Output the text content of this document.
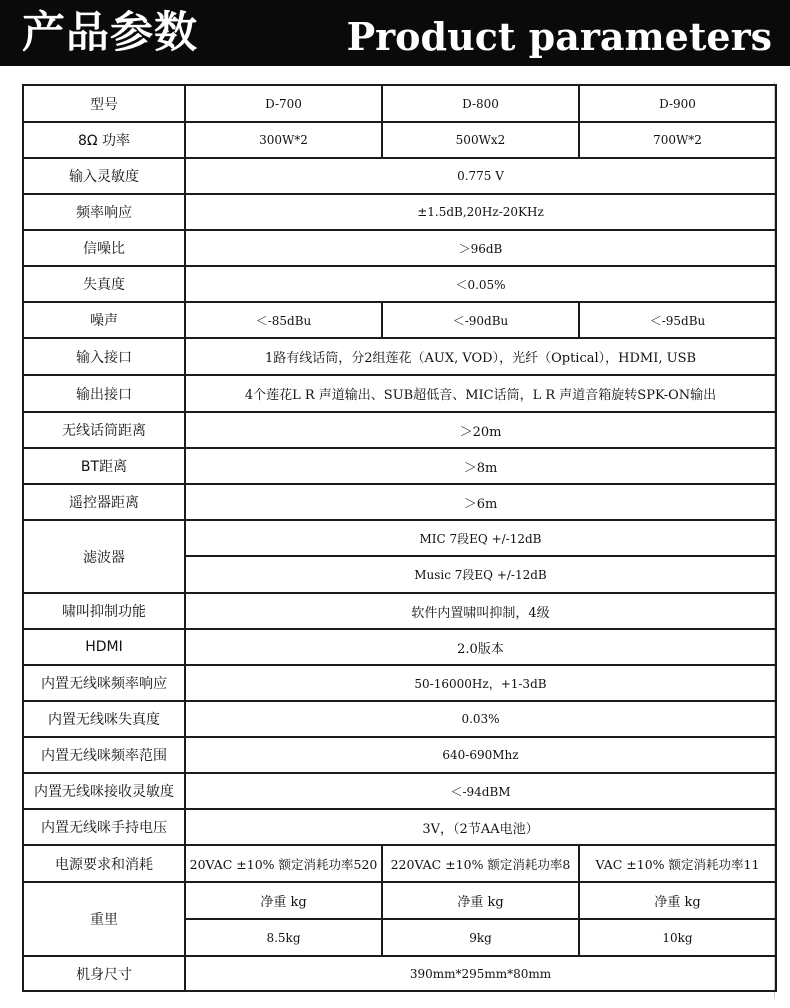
产品参数	Product parameters
型号	D-700	D-800	D-900
8Ω 功率	300W*2	500Wx2	700W*2
输入灵敏度	0.775 V		
频率响应	±1.5dB,20Hz-20KHz		
信噪比	＞96dB		
失真度	＜0.05%		
噪声	＜-85dBu	＜-90dBu	＜-95dBu
输入接口	1路有线话筒，分2组莲花（AUX, VOD），光纤（Optical），HDMI, USB		
输出接口	4个莲花L R 声道输出、SUB超低音、MIC话筒，L R 声道音箱旋转SPK-ON输出		
无线话筒距离	＞20m		
BT距离	＞8m		
遥控器距离	＞6m		
滤波器	MIC 7段EQ +/-12dB		
	Music 7段EQ +/-12dB		
啸叫抑制功能	软件内置啸叫抑制，4级		
HDMI	2.0版本		
内置无线咪频率响应	50-16000Hz，+1-3dB		
内置无线咪失真度	0.03%		
内置无线咪频率范围	640-690Mhz		
内置无线咪接收灵敏度	＜-94dBM		
内置无线咪手持电压	3V，（2节AA电池）		
电源要求和消耗	20VAC ±10% 额定消耗功率520	220VAC ±10% 额定消耗功率8	VAC ±10% 额定消耗功率11
重里	净重 kg	净重 kg	净重 kg
	8.5kg	9kg	10kg
机身尺寸	390mm*295mm*80mm		
